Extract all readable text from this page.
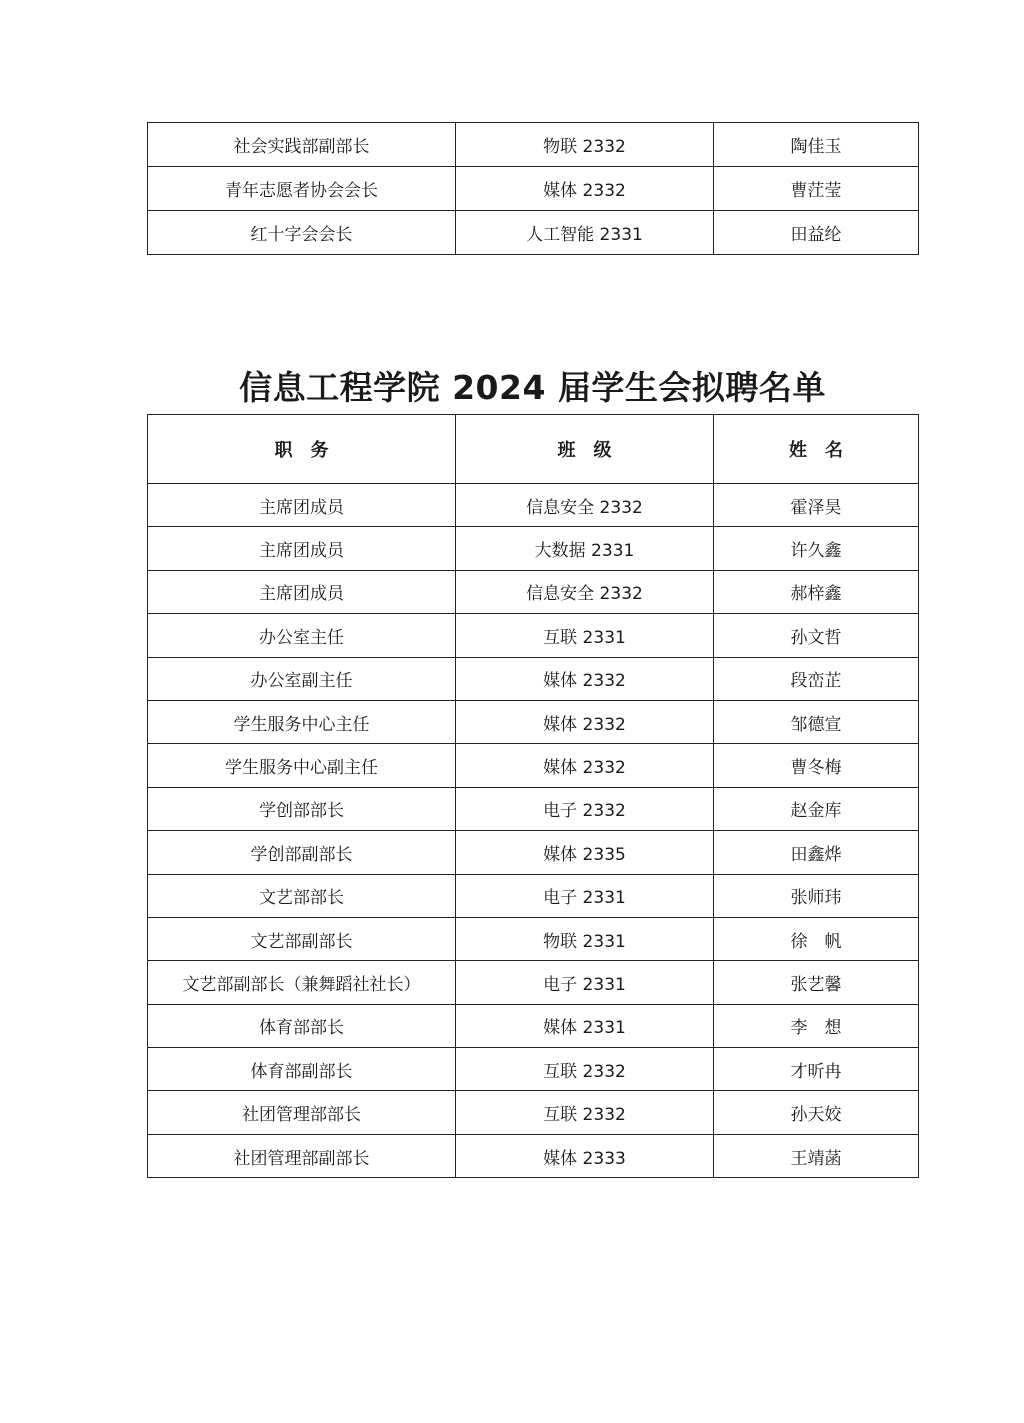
社会实践部副部长	物联 2332	陶佳玉
青年志愿者协会会长	媒体 2332	曹茳莹
红十字会会长	人工智能 2331	田益纶
信息工程学院 2024 届学生会拟聘名单
职　务	班　级	姓　名
主席团成员	信息安全 2332	霍泽昊
主席团成员	大数据 2331	许久鑫
主席团成员	信息安全 2332	郝梓鑫
办公室主任	互联 2331	孙文哲
办公室副主任	媒体 2332	段峦芷
学生服务中心主任	媒体 2332	邹德宣
学生服务中心副主任	媒体 2332	曹冬梅
学创部部长	电子 2332	赵金库
学创部副部长	媒体 2335	田鑫烨
文艺部部长	电子 2331	张师玮
文艺部副部长	物联 2331	徐　帆
文艺部副部长（兼舞蹈社社长）	电子 2331	张艺馨
体育部部长	媒体 2331	李　想
体育部副部长	互联 2332	才昕冉
社团管理部部长	互联 2332	孙天姣
社团管理部副部长	媒体 2333	王靖菡
